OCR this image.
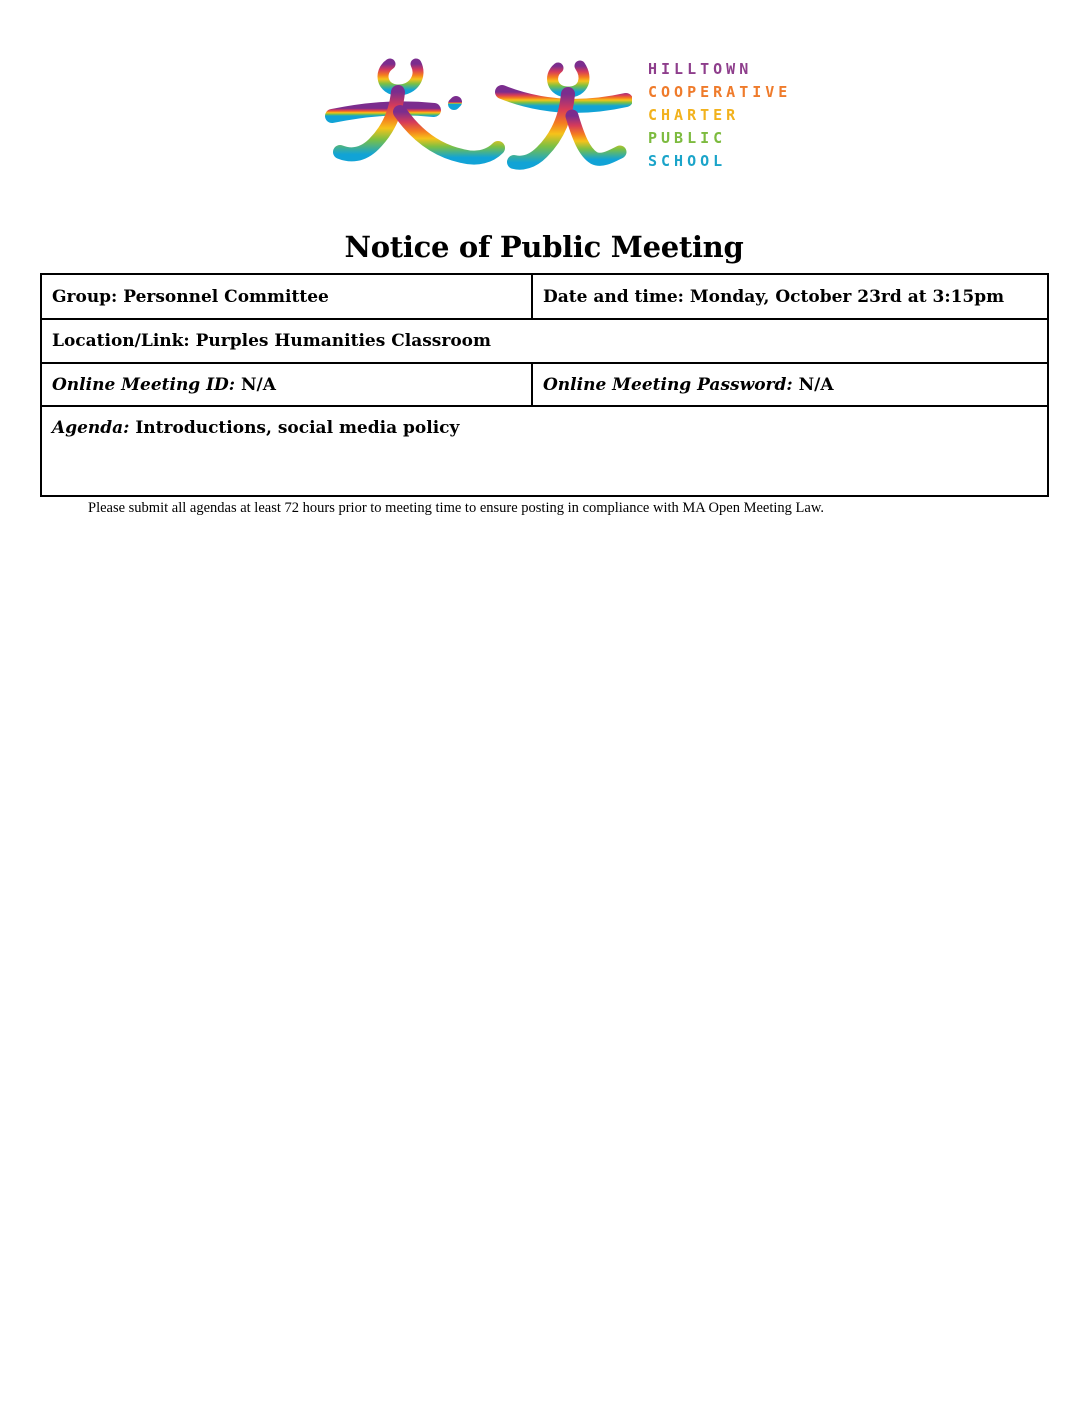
HILLTOWN
COOPERATIVE
CHARTER
PUBLIC
SCHOOL
Notice of Public Meeting
Group: Personnel Committee	Date and time: Monday, October 23rd at 3:15pm
Location/Link: Purples Humanities Classroom	
Online Meeting ID: N/A	Online Meeting Password: N/A
Agenda: Introductions, social media policy	
Please submit all agendas at least 72 hours prior to meeting time to ensure posting in compliance with MA Open Meeting Law.
